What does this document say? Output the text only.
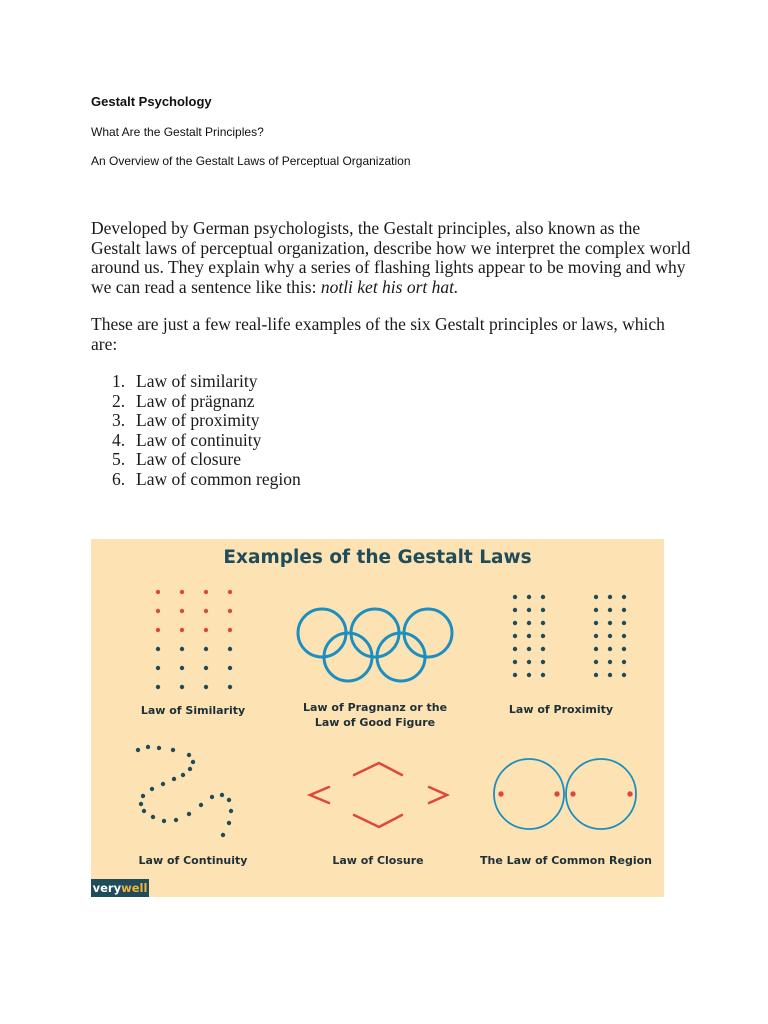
Gestalt Psychology
What Are the Gestalt Principles?
An Overview of the Gestalt Laws of Perceptual Organization

Developed by German psychologists, the Gestalt principles, also known as the Gestalt laws of perceptual organization, describe how we interpret the complex world around us. They explain why a series of flashing lights appear to be moving and why we can read a sentence like this: notli ket his ort hat.

These are just a few real-life examples of the six Gestalt principles or laws, which are:

1. Law of similarity
2. Law of prägnanz
3. Law of proximity
4. Law of continuity
5. Law of closure
6. Law of common region
Examples of the Gestalt Laws
Law of Similarity	Law of Pragnanz or the
Law of Good Figure
Law of Proximity
Law of Continuity	Law of Closure	The Law of Common Region
verywell
